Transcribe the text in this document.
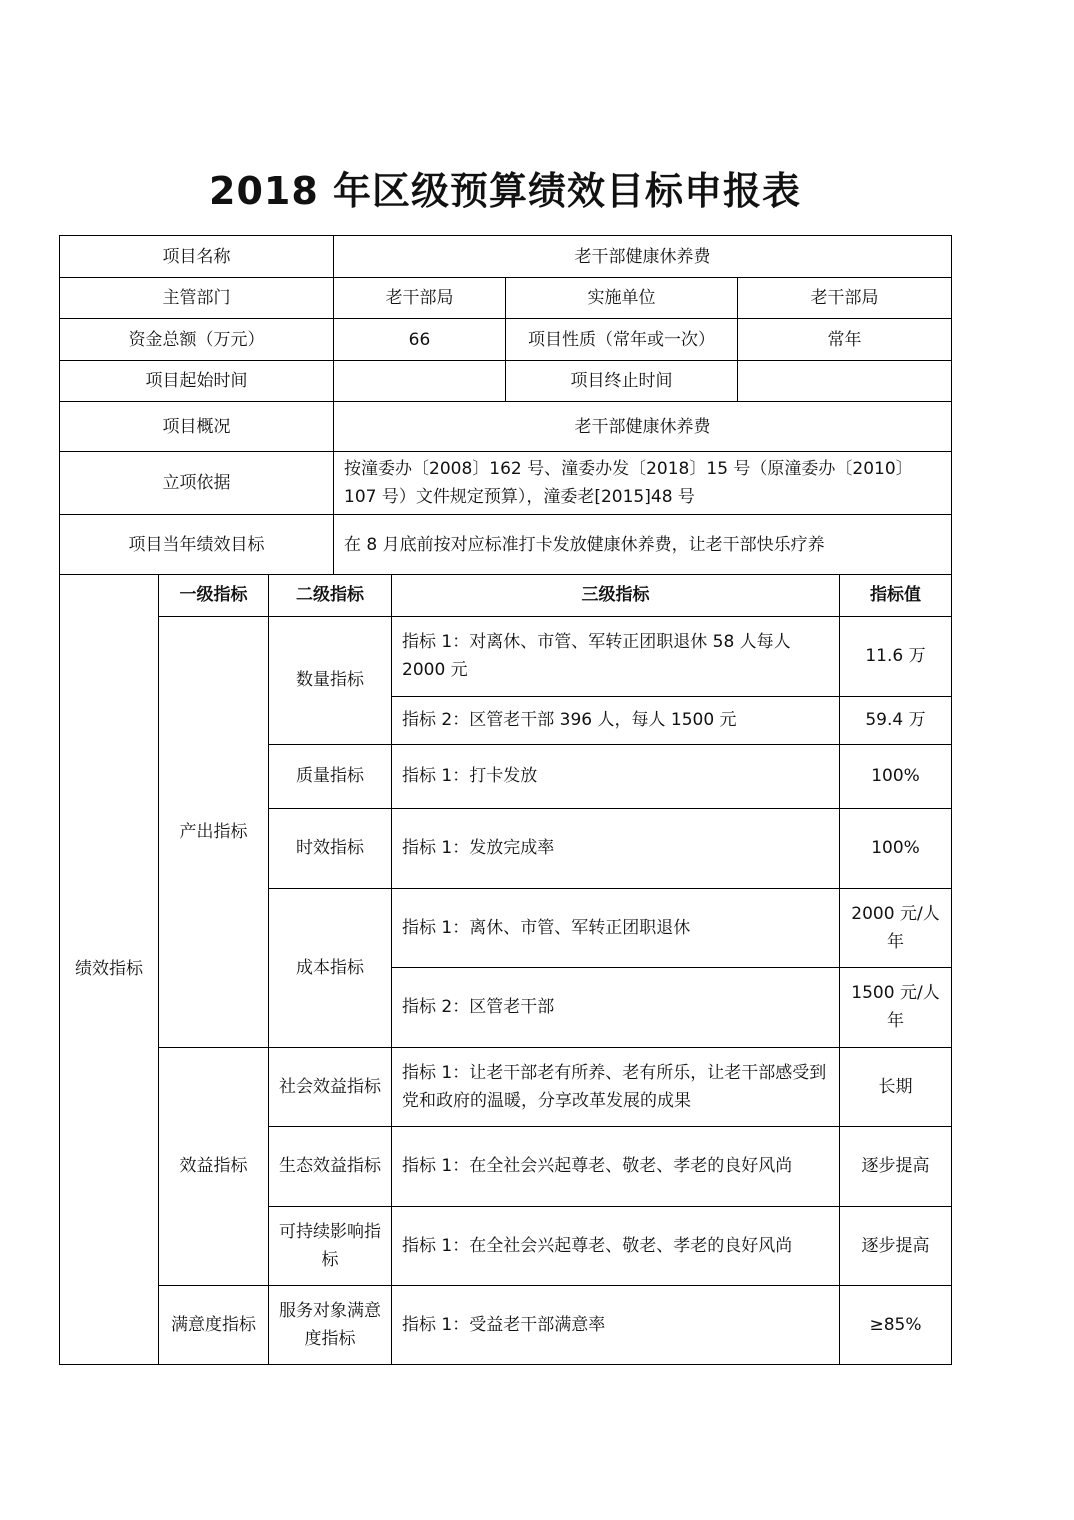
2018 年区级预算绩效目标申报表
项目名称	老干部健康休养费		
主管部门	老干部局	实施单位	老干部局
资金总额（万元）	66	项目性质（常年或一次）	常年
项目起始时间		项目终止时间	
项目概况	老干部健康休养费		
立项依据	按潼委办〔2008〕162 号、潼委办发〔2018〕15 号（原潼委办〔2010〕107 号）文件规定预算），潼委老[2015]48 号		
项目当年绩效目标	在 8 月底前按对应标准打卡发放健康休养费，让老干部快乐疗养		
绩效指标	一级指标	二级指标	三级指标	指标值
	产出指标	数量指标	指标 1：对离休、市管、军转正团职退休 58 人每人 2000 元	11.6 万
			指标 2：区管老干部 396 人，每人 1500 元	59.4 万
		质量指标	指标 1：打卡发放	100%
		时效指标	指标 1：发放完成率	100%
		成本指标	指标 1：离休、市管、军转正团职退休	2000 元/人年
			指标 2：区管老干部	1500 元/人年
	效益指标	社会效益指标	指标 1：让老干部老有所养、老有所乐，让老干部感受到党和政府的温暖，分享改革发展的成果	长期
		生态效益指标	指标 1：在全社会兴起尊老、敬老、孝老的良好风尚	逐步提高
		可持续影响指标	指标 1：在全社会兴起尊老、敬老、孝老的良好风尚	逐步提高
	满意度指标	服务对象满意度指标	指标 1：受益老干部满意率	≥85%
